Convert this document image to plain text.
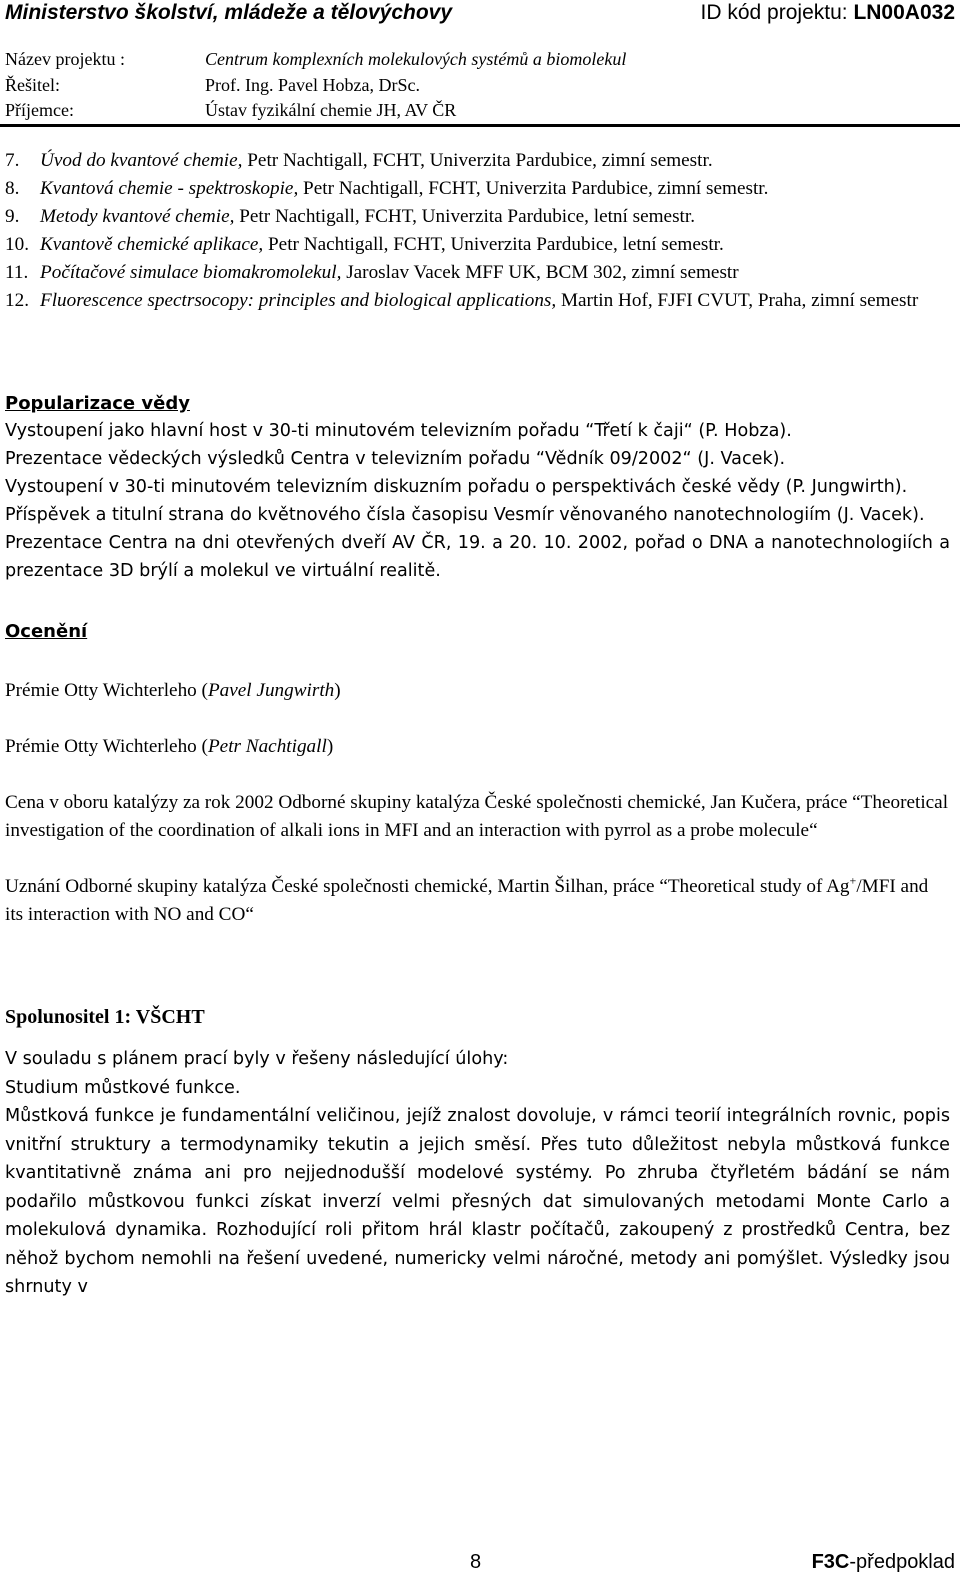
Ministerstvo školství, mládeže a tělovýchovy	ID kód projektu: LN00A032
Název projektu :	Centrum komplexních molekulových systémů a biomolekul
Řešitel:	Prof. Ing. Pavel Hobza, DrSc.
Příjemce:	Ústav fyzikální chemie JH, AV ČR

7. Úvod do kvantové chemie, Petr Nachtigall, FCHT, Univerzita Pardubice, zimní semestr.

8. Kvantová chemie - spektroskopie, Petr Nachtigall, FCHT, Univerzita Pardubice, zimní semestr.

9. Metody kvantové chemie, Petr Nachtigall, FCHT, Univerzita Pardubice, letní semestr.

10. Kvantově chemické aplikace, Petr Nachtigall, FCHT, Univerzita Pardubice, letní semestr.

11. Počítačové simulace biomakromolekul, Jaroslav Vacek MFF UK, BCM 302, zimní semestr

12. Fluorescence spectrsocopy: principles and biological applications, Martin Hof, FJFI CVUT, Praha, zimní semestr

Popularizace vědy

Vystoupení jako hlavní host v 30-ti minutovém televizním pořadu “Třetí k čaji“ (P. Hobza).

Prezentace vědeckých výsledků Centra v televizním pořadu “Vědník 09/2002“ (J. Vacek).

Vystoupení v 30-ti minutovém televizním diskuzním pořadu o perspektivách české vědy (P. Jungwirth).

Příspěvek a titulní strana do květnového čísla časopisu Vesmír věnovaného nanotechnologiím (J. Vacek).

Prezentace Centra na dni otevřených dveří AV ČR, 19. a 20. 10. 2002, pořad o DNA a nanotechnologiích a prezentace 3D brýlí a molekul ve virtuální realitě.

Ocenění

Prémie Otty Wichterleho (Pavel Jungwirth)

Prémie Otty Wichterleho (Petr Nachtigall)

Cena v oboru katalýzy za rok 2002 Odborné skupiny katalýza České společnosti chemické, Jan Kučera, práce “Theoretical investigation of the coordination of alkali ions in MFI and an interaction with pyrrol as a probe molecule“

Uznání Odborné skupiny katalýza České společnosti chemické, Martin Šilhan, práce “Theoretical study of Ag+/MFI and its interaction with NO and CO“

Spolunositel 1: VŠCHT

V souladu s plánem prací byly v řešeny následující úlohy:

Studium můstkové funkce.

Můstková funkce je fundamentální veličinou, jejíž znalost dovoluje, v rámci teorií integrálních rovnic, popis vnitřní struktury a termodynamiky tekutin a jejich směsí. Přes tuto důležitost nebyla můstková funkce kvantitativně známa ani pro nejjednodušší modelové systémy. Po zhruba čtyřletém bádání se nám podařilo můstkovou funkci získat inverzí velmi přesných dat simulovaných metodami Monte Carlo a molekulová dynamika. Rozhodující roli přitom hrál klastr počítačů, zakoupený z prostředků Centra, bez něhož bychom nemohli na řešení uvedené, numericky velmi náročné, metody ani pomýšlet. Výsledky jsou shrnuty v

8	F3C-předpoklad
